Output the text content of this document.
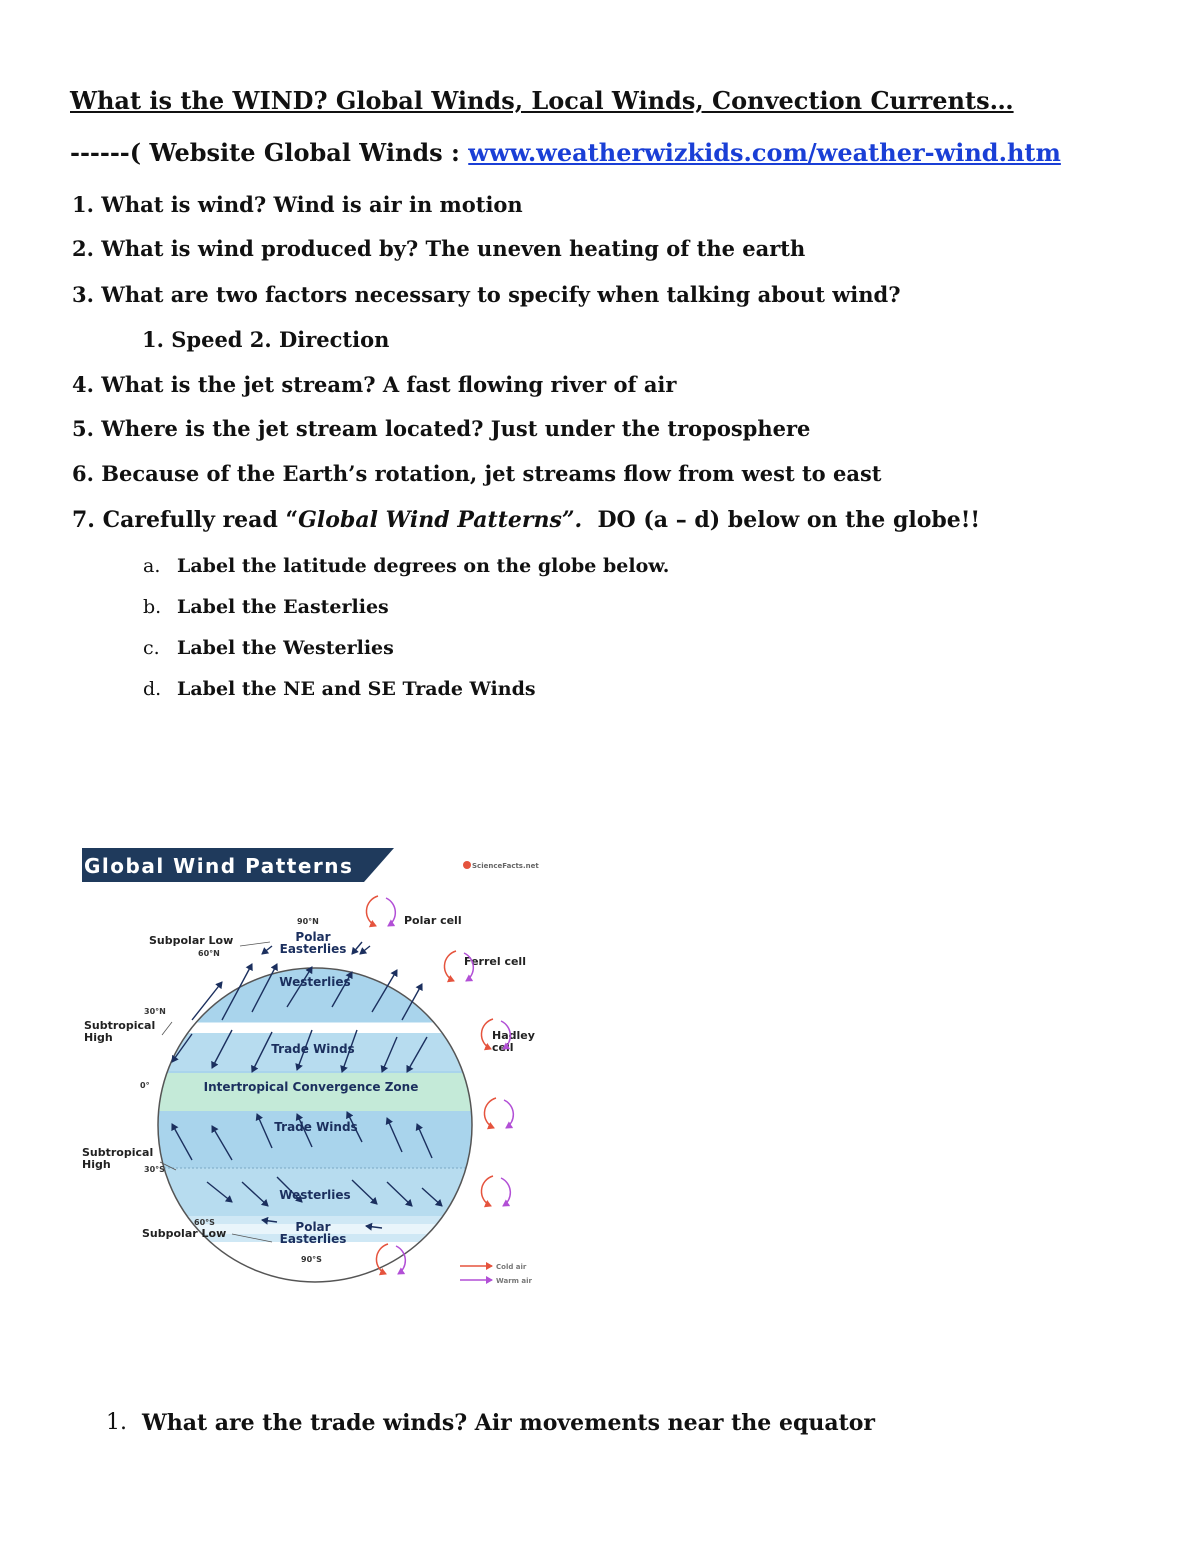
What is the WIND? Global Winds, Local Winds, Convection Currents…
------( Website Global Winds : www.weatherwizkids.com/weather-wind.htm
1. What is wind? Wind is air in motion
2. What is wind produced by? The uneven heating of the earth
3. What are two factors necessary to specify when talking about wind?
1. Speed 2. Direction
4. What is the jet stream? A fast flowing river of air
5. Where is the jet stream located? Just under the troposphere
6. Because of the Earth’s rotation, jet streams flow from west to east
7. Carefully read “Global Wind Patterns”.  DO (a – d) below on the globe!!
a. Label the latitude degrees on the globe below.
b. Label the Easterlies
c. Label the Westerlies
d. Label the NE and SE Trade Winds
Global Wind Patterns	ScienceFacts.net
Polar
Easterlies
Westerlies
Trade Winds
Intertropical Convergence Zone
Trade Winds
Westerlies
Polar
Easterlies
90°N
60°N
30°N
0°
30°S
60°S
90°S
Subpolar Low
Subtropical
High
Subtropical
High
Subpolar Low
Polar cell
Ferrel cell
Hadley
cell
Cold air
Warm air
1. What are the trade winds? Air movements near the equator
